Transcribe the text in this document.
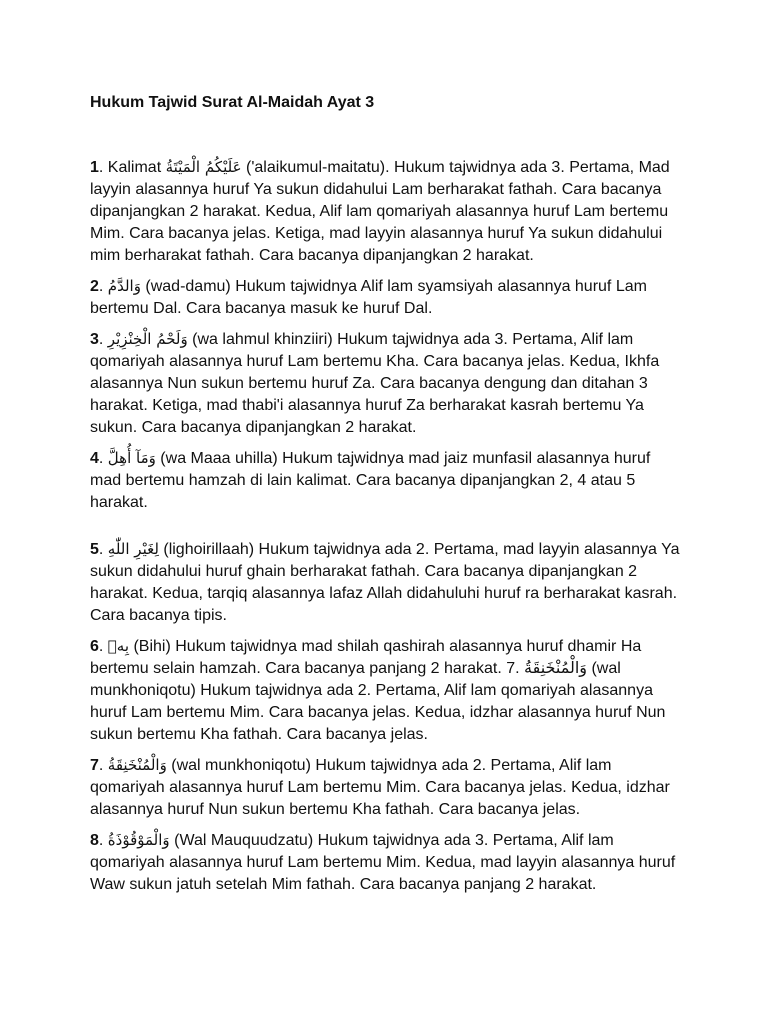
Hukum Tajwid Surat Al-Maidah Ayat 3

1. Kalimat عَلَيْكُمُ الْمَيْتَةُ ('alaikumul-maitatu). Hukum tajwidnya ada 3. Pertama, Mad layyin alasannya huruf Ya sukun didahului Lam berharakat fathah. Cara bacanya dipanjangkan 2 harakat. Kedua, Alif lam qomariyah alasannya huruf Lam bertemu Mim. Cara bacanya jelas. Ketiga, mad layyin alasannya huruf Ya sukun didahului mim berharakat fathah. Cara bacanya dipanjangkan 2 harakat.

2. وَالدَّمُ (wad-damu) Hukum tajwidnya Alif lam syamsiyah alasannya huruf Lam bertemu Dal. Cara bacanya masuk ke huruf Dal.

3. وَلَحْمُ الْخِنْزِيْرِ (wa lahmul khinziiri) Hukum tajwidnya ada 3. Pertama, Alif lam qomariyah alasannya huruf Lam bertemu Kha. Cara bacanya jelas. Kedua, Ikhfa alasannya Nun sukun bertemu huruf Za. Cara bacanya dengung dan ditahan 3 harakat. Ketiga, mad thabi'i alasannya huruf Za berharakat kasrah bertemu Ya sukun. Cara bacanya dipanjangkan 2 harakat.

4. وَمَآ أُهِلَّ (wa Maaa uhilla) Hukum tajwidnya mad jaiz munfasil alasannya huruf mad bertemu hamzah di lain kalimat. Cara bacanya dipanjangkan 2, 4 atau 5 harakat.

5. لِغَيْرِ اللّٰهِ (lighoirillaah) Hukum tajwidnya ada 2. Pertama, mad layyin alasannya Ya sukun didahului huruf ghain berharakat fathah. Cara bacanya dipanjangkan 2 harakat. Kedua, tarqiq alasannya lafaz Allah didahuluhi huruf ra berharakat kasrah. Cara bacanya tipis.

6. بِهٖ (Bihi) Hukum tajwidnya mad shilah qashirah alasannya huruf dhamir Ha bertemu selain hamzah. Cara bacanya panjang 2 harakat. 7. وَالْمُنْخَنِقَةُ (wal munkhoniqotu) Hukum tajwidnya ada 2. Pertama, Alif lam qomariyah alasannya huruf Lam bertemu Mim. Cara bacanya jelas. Kedua, idzhar alasannya huruf Nun sukun bertemu Kha fathah. Cara bacanya jelas.

7. وَالْمُنْخَنِقَةُ (wal munkhoniqotu) Hukum tajwidnya ada 2. Pertama, Alif lam qomariyah alasannya huruf Lam bertemu Mim. Cara bacanya jelas. Kedua, idzhar alasannya huruf Nun sukun bertemu Kha fathah. Cara bacanya jelas.

8. وَالْمَوْقُوْذَةُ (Wal Mauquudzatu) Hukum tajwidnya ada 3. Pertama, Alif lam qomariyah alasannya huruf Lam bertemu Mim. Kedua, mad layyin alasannya huruf Waw sukun jatuh setelah Mim fathah. Cara bacanya panjang 2 harakat.
